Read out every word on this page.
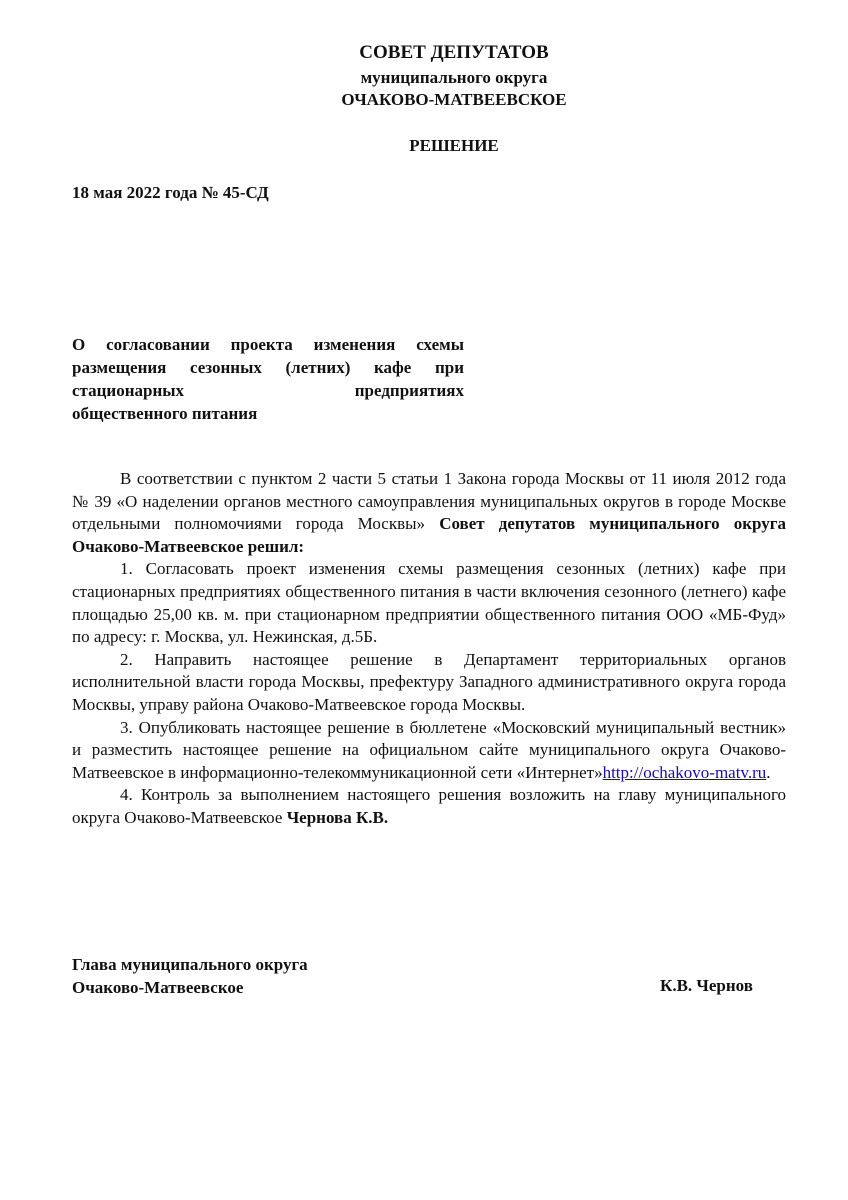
СОВЕТ ДЕПУТАТОВ
муниципального округа
ОЧАКОВО-МАТВЕЕВСКОЕ
РЕШЕНИЕ
18 мая 2022 года № 45-СД
О согласовании проекта изменения схемы
размещения сезонных (летних) кафе при
стационарных предприятиях
общественного питания

В соответствии с пунктом 2 части 5 статьи 1 Закона города Москвы от 11 июля 2012 года № 39 «О наделении органов местного самоуправления муниципальных округов в городе Москве отдельными полномочиями города Москвы» Совет депутатов муниципального округа Очаково-Матвеевское решил:

1. Согласовать проект изменения схемы размещения сезонных (летних) кафе при стационарных предприятиях общественного питания в части включения сезонного (летнего) кафе площадью 25,00 кв. м. при стационарном предприятии общественного питания ООО «МБ-Фуд» по адресу: г. Москва, ул. Нежинская, д.5Б.

2. Направить настоящее решение в Департамент территориальных органов исполнительной власти города Москвы, префектуру Западного административного округа города Москвы, управу района Очаково-Матвеевское города Москвы.

3. Опубликовать настоящее решение в бюллетене «Московский муниципальный вестник» и разместить настоящее решение на официальном сайте муниципального округа Очаково-Матвеевское в информационно-телекоммуникационной сети «Интернет»http://ochakovo-matv.ru.

4. Контроль за выполнением настоящего решения возложить на главу муниципального округа Очаково-Матвеевское Чернова К.В.

Глава муниципального округа
Очаково-Матвеевское	К.В. Чернов
